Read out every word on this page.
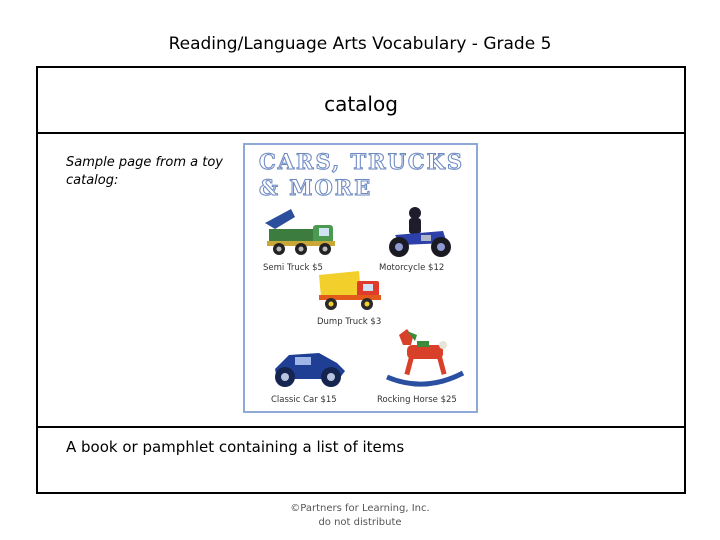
Reading/Language Arts Vocabulary - Grade 5
catalog
Sample page from a toy catalog:
A book or pamphlet containing a list of items
CARS, TRUCKS
& MORE
Semi Truck $5	Motorcycle $12
Dump Truck $3
Classic Car $15	Rocking Horse $25
©Partners for Learning, Inc.
do not distribute
